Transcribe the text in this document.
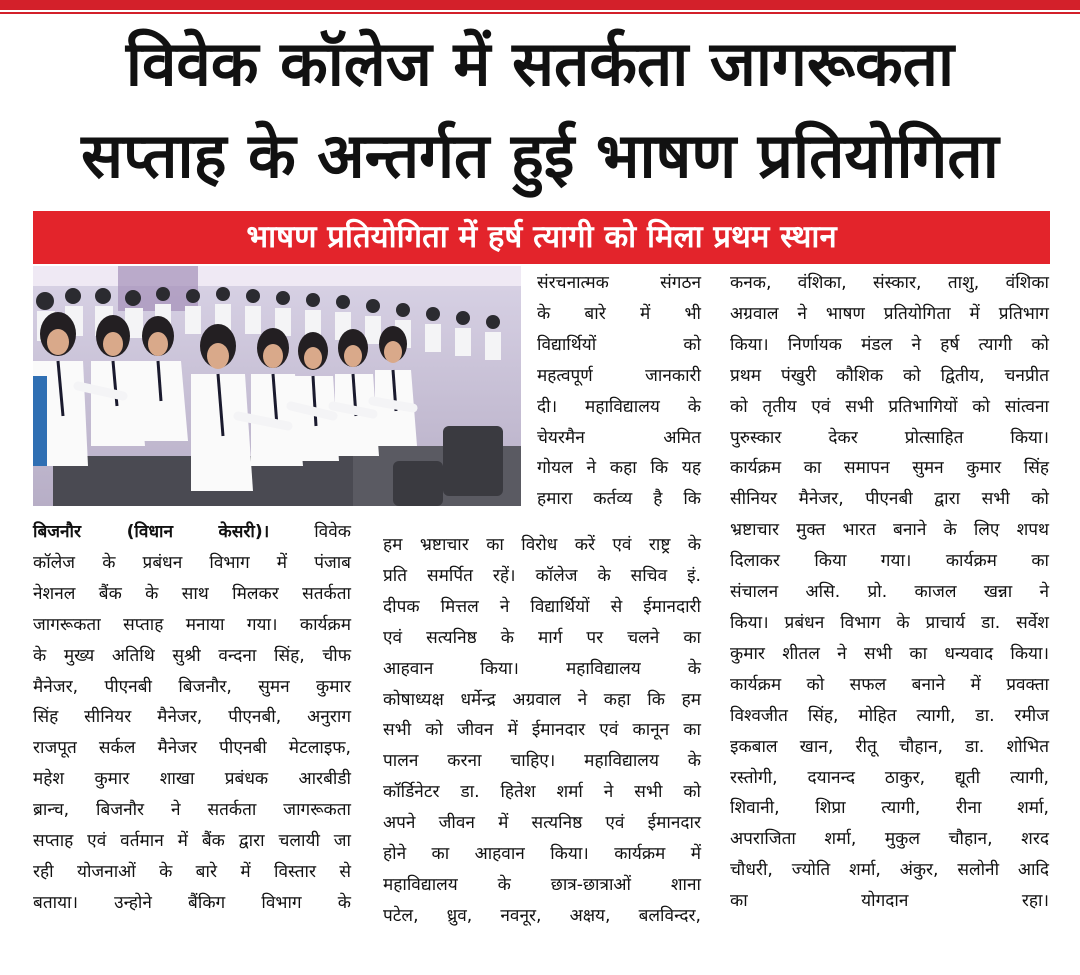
विवेक कॉलेज में सतर्कता जागरूकता
सप्ताह के अन्तर्गत हुई भाषण प्रतियोगिता
भाषण प्रतियोगिता में हर्ष त्यागी को मिला प्रथम स्थान
बिजनौर (विधान केसरी)।	विवेक
कॉलेज के प्रबंधन विभाग में पंजाब
नेशनल बैंक के साथ मिलकर सतर्कता
जागरूकता सप्ताह मनाया गया। कार्यक्रम
के मुख्य अतिथि सुश्री वन्दना सिंह, चीफ
मैनेजर, पीएनबी बिजनौर, सुमन कुमार
सिंह सीनियर मैनेजर, पीएनबी, अनुराग
राजपूत सर्कल मैनेजर पीएनबी मेटलाइफ,
महेश कुमार शाखा प्रबंधक आरबीडी
ब्रान्च, बिजनौर ने सतर्कता जागरूकता
सप्ताह एवं वर्तमान में बैंक द्वारा चलायी जा
रही योजनाओं के बारे में विस्तार से
बताया। उन्होने बैंकिग विभाग के
संरचनात्मक संगठन
के बारे में भी
विद्यार्थियों को
महत्वपूर्ण जानकारी
दी। महाविद्यालय के
चेयरमैन अमित
गोयल ने कहा कि यह
हमारा कर्तव्य है कि
हम भ्रष्टाचार का विरोध करें एवं राष्ट्र के
प्रति समर्पित रहें। कॉलेज के सचिव इं.
दीपक मित्तल ने विद्यार्थियों से ईमानदारी
एवं सत्यनिष्ठ के मार्ग पर चलने का
आहवान किया। महाविद्यालय के
कोषाध्यक्ष धर्मेन्द्र अग्रवाल ने कहा कि हम
सभी को जीवन में ईमानदार एवं कानून का
पालन करना चाहिए। महाविद्यालय के
कॉर्डिनेटर डा. हितेश शर्मा ने सभी को
अपने जीवन में सत्यनिष्ठ एवं ईमानदार
होने का आहवान किया। कार्यक्रम में
महाविद्यालय के छात्र-छात्राओं शाना
पटेल, ध्रुव, नवनूर, अक्षय, बलविन्दर,
कनक, वंशिका, संस्कार, ताशु, वंशिका
अग्रवाल ने भाषण प्रतियोगिता में प्रतिभाग
किया। निर्णायक मंडल ने हर्ष त्यागी को
प्रथम पंखुरी कौशिक को द्वितीय, चनप्रीत
को तृतीय एवं सभी प्रतिभागियों को सांत्वना
पुरुस्कार देकर प्रोत्साहित किया।
कार्यक्रम का समापन सुमन कुमार सिंह
सीनियर मैनेजर, पीएनबी द्वारा सभी को
भ्रष्टाचार मुक्त भारत बनाने के लिए शपथ
दिलाकर किया गया। कार्यक्रम का
संचालन असि. प्रो. काजल खन्ना ने
किया। प्रबंधन विभाग के प्राचार्य डा. सर्वेश
कुमार शीतल ने सभी का धन्यवाद किया।
कार्यक्रम को सफल बनाने में प्रवक्ता
विश्वजीत सिंह, मोहित त्यागी, डा. रमीज
इकबाल खान, रीतू चौहान, डा. शोभित
रस्तोगी, दयानन्द ठाकुर, द्यूती त्यागी,
शिवानी, शिप्रा त्यागी, रीना शर्मा,
अपराजिता शर्मा, मुकुल चौहान, शरद
चौधरी, ज्योति शर्मा, अंकुर, सलोनी आदि
का योगदान रहा।
